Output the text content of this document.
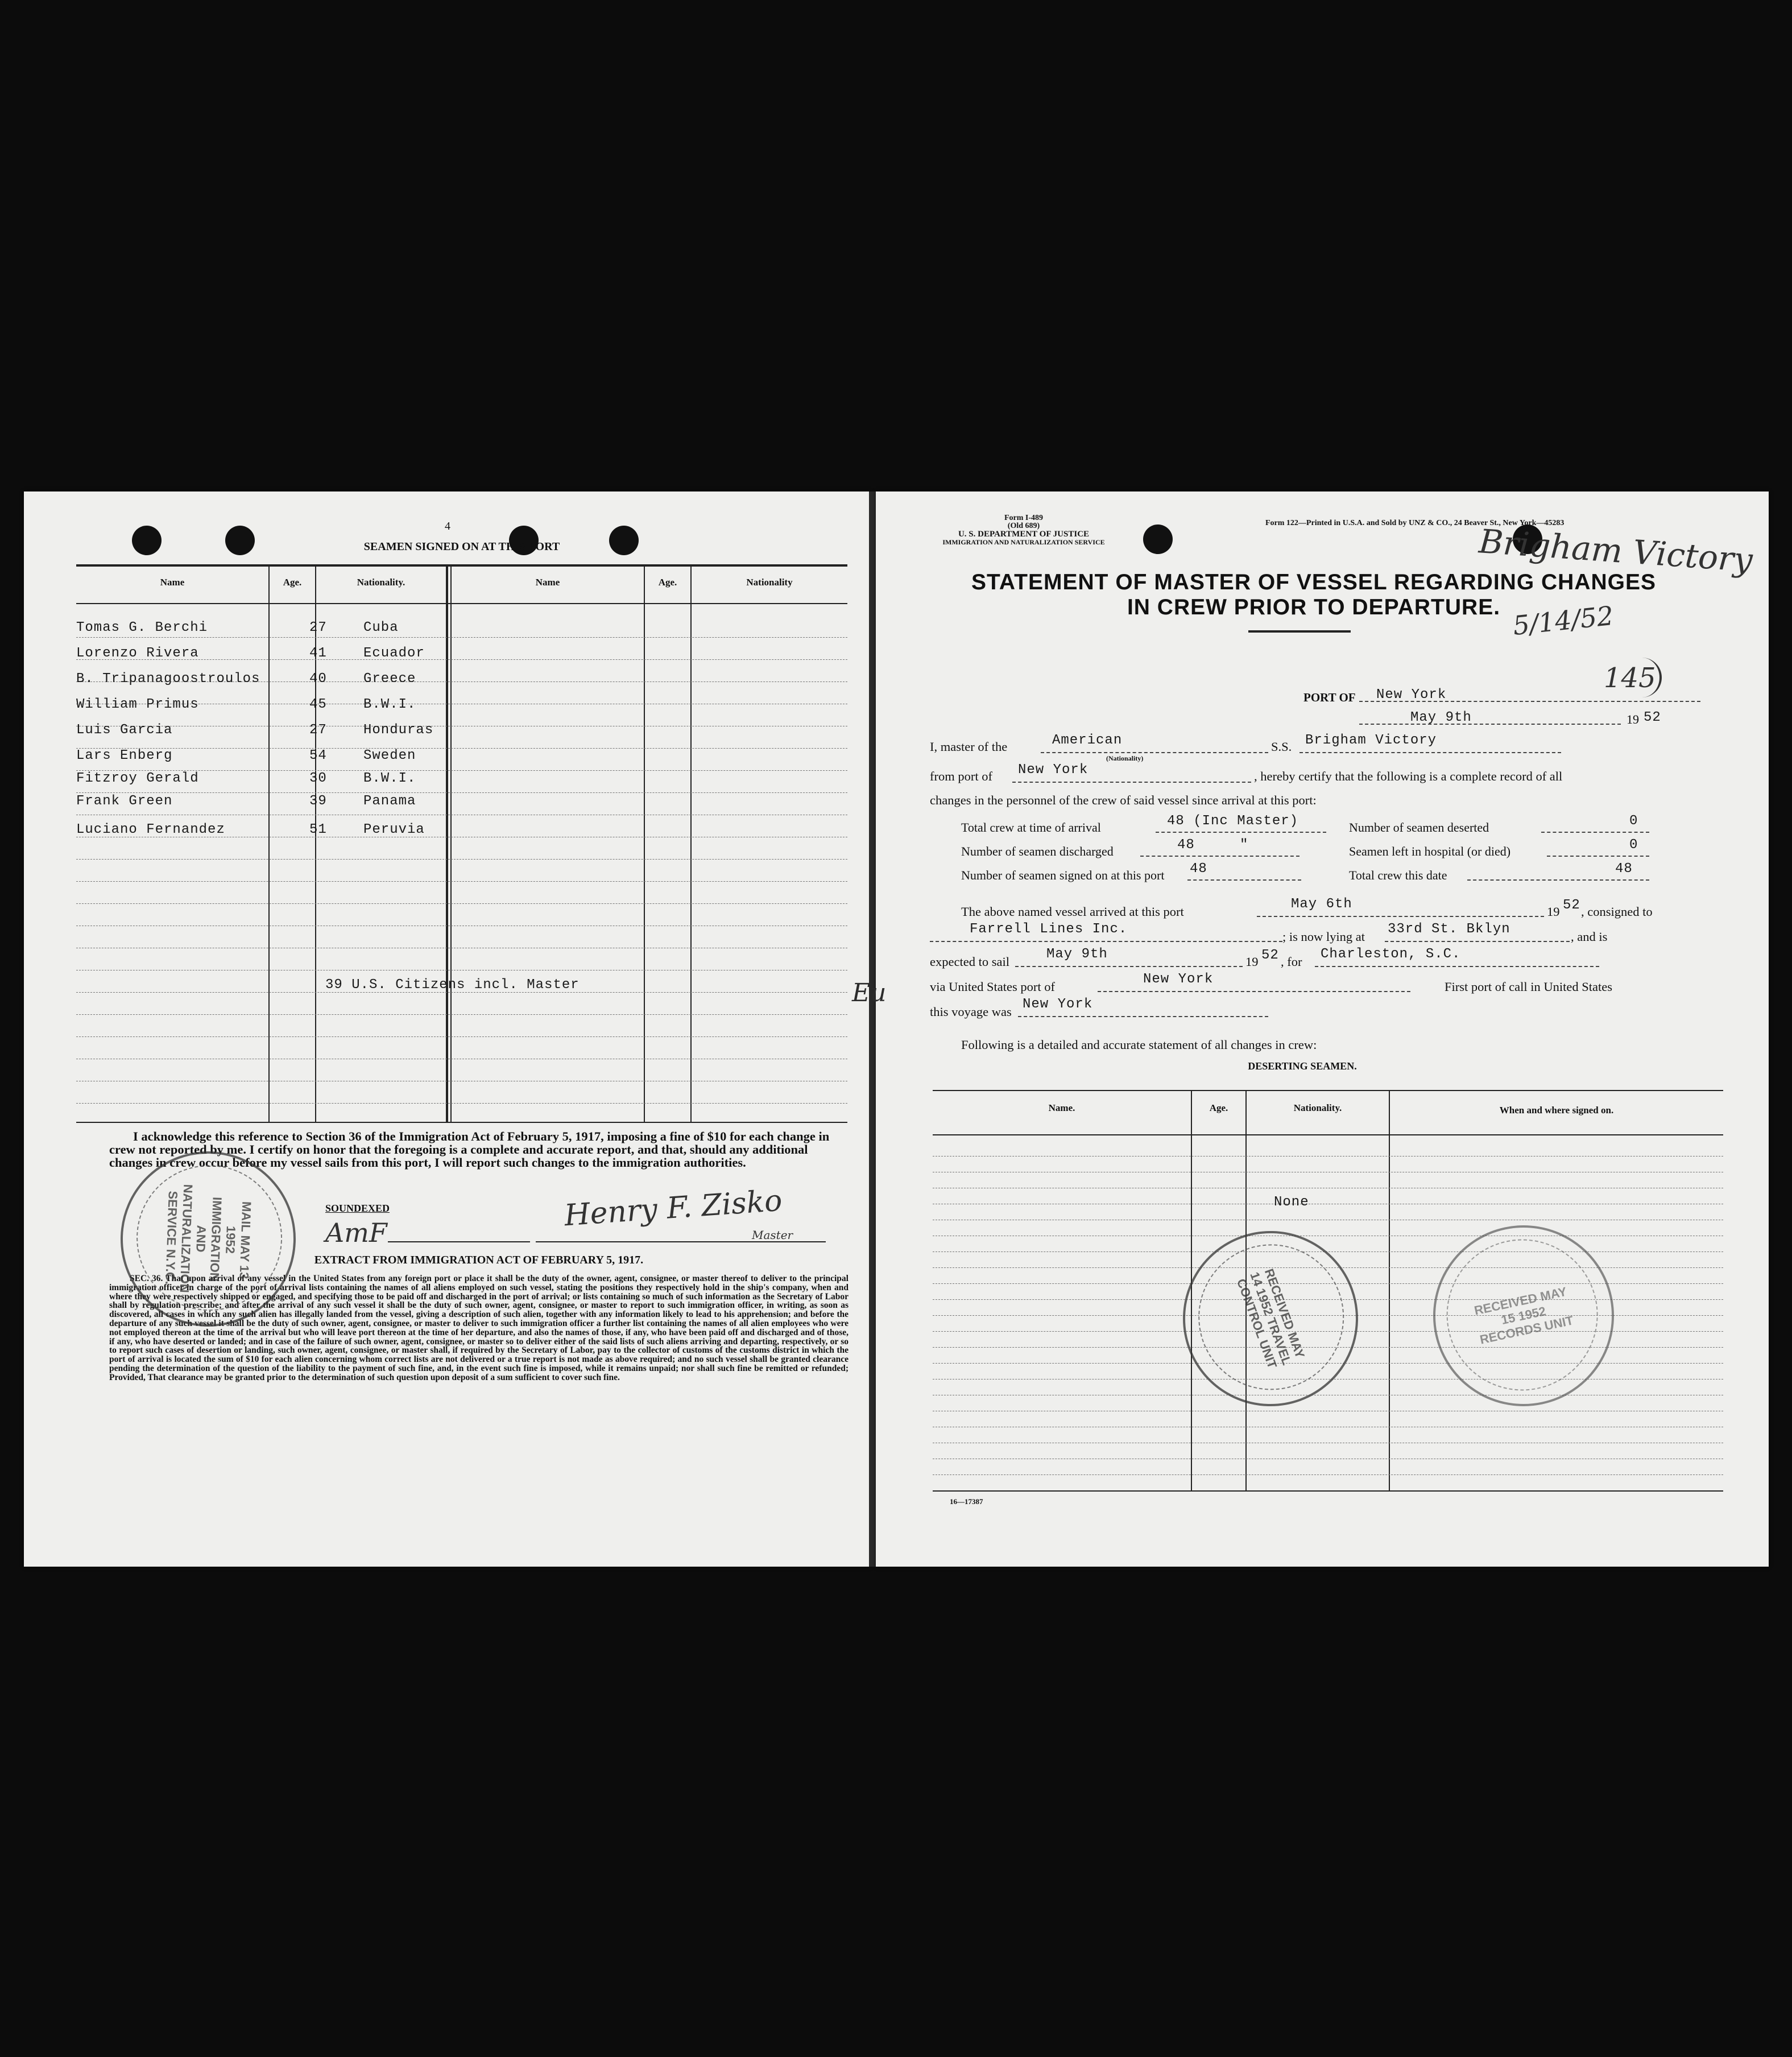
4
SEAMEN SIGNED ON AT THIS PORT
Name	Age.	Nationality.	Name	Age.	Nationality
Tomas G. Berchi	27	Cuba
Lorenzo Rivera	41	Ecuador
B. Tripanagoostroulos	40	Greece
William Primus	45	B.W.I.
Luis Garcia	27	Honduras
Lars Enberg	54	Sweden
Fitzroy Gerald	30	B.W.I.
Frank Green	39	Panama
Luciano Fernandez	51	Peruvia
39 U.S. Citizens incl. Master
I acknowledge this reference to Section 36 of the Immigration Act of February 5, 1917, imposing a fine of $10 for each change in crew not reported by me. I certify on honor that the foregoing is a complete and accurate report, and that, should any additional changes in crew occur before my vessel sails from this port, I will report such changes to the immigration authorities.
SOUNDEXED
AmF	Henry F. Zisko
Master
EXTRACT FROM IMMIGRATION ACT OF FEBRUARY 5, 1917.
SEC. 36. That upon arrival of any vessel in the United States from any foreign port or place it shall be the duty of the owner, agent, consignee, or master thereof to deliver to the principal immigration officer in charge of the port of arrival lists containing the names of all aliens employed on such vessel, stating the positions they respectively hold in the ship's company, when and where they were respectively shipped or engaged, and specifying those to be paid off and discharged in the port of arrival; or lists containing so much of such information as the Secretary of Labor shall by regulation prescribe; and after the arrival of any such vessel it shall be the duty of such owner, agent, consignee, or master to report to such immigration officer, in writing, as soon as discovered, all cases in which any such alien has illegally landed from the vessel, giving a description of such alien, together with any information likely to lead to his apprehension; and before the departure of any such vessel it shall be the duty of such owner, agent, consignee, or master to deliver to such immigration officer a further list containing the names of all alien employees who were not employed thereon at the time of the arrival but who will leave port thereon at the time of her departure, and also the names of those, if any, who have been paid off and discharged and of those, if any, who have deserted or landed; and in case of the failure of such owner, agent, consignee, or master so to deliver either of the said lists of such aliens arriving and departing, respectively, or so to report such cases of desertion or landing, such owner, agent, consignee, or master shall, if required by the Secretary of Labor, pay to the collector of customs of the customs district in which the port of arrival is located the sum of $10 for each alien concerning whom correct lists are not delivered or a true report is not made as above required; and no such vessel shall be granted clearance pending the determination of the question of the liability to the payment of such fine, and, in the event such fine is imposed, while it remains unpaid; nor shall such fine be remitted or refunded; Provided, That clearance may be granted prior to the determination of such question upon deposit of a sum sufficient to cover such fine.
MAIL MAY 13 1952 IMMIGRATION AND NATURALIZATION SERVICE N.Y.C.
Form I-489
(Old 689)
U. S. DEPARTMENT OF JUSTICE
IMMIGRATION AND NATURALIZATION SERVICE
Form 122—Printed in U.S.A. and Sold by UNZ & CO., 24 Beaver St., New York—45283
Brigham Victory
5/14/52
145
STATEMENT OF MASTER OF VESSEL REGARDING CHANGES
IN CREW PRIOR TO DEPARTURE.
PORT OF New York
May 9th	19 52
I, master of the	American
(Nationality)
S.S. Brigham Victory
from port of New York	, hereby certify that the following is a complete record of all
changes in the personnel of the crew of said vessel since arrival at this port:
Total crew at time of arrival	48 (Inc Master)	Number of seamen deserted	0
Number of seamen discharged	48	"	Seamen left in hospital (or died)	0
Number of seamen signed on at this port 48	Total crew this date	48
The above named vessel arrived at this port	May 6th	19 52 , consigned to
Farrell Lines Inc.	; is now lying at 33rd St. Bklyn	, and is
expected to sail	May 9th	19 52 , for Charleston, S.C.
via United States port of	New York	First port of call in United States
this voyage was New York
Following is a detailed and accurate statement of all changes in crew:
DESERTING SEAMEN.
Name.	Age.	Nationality.	When and where signed on.
None
RECEIVED MAY 14 1952 TRAVEL CONTROL UNIT	RECEIVED MAY 15 1952 RECORDS UNIT
16—17387
Eu
